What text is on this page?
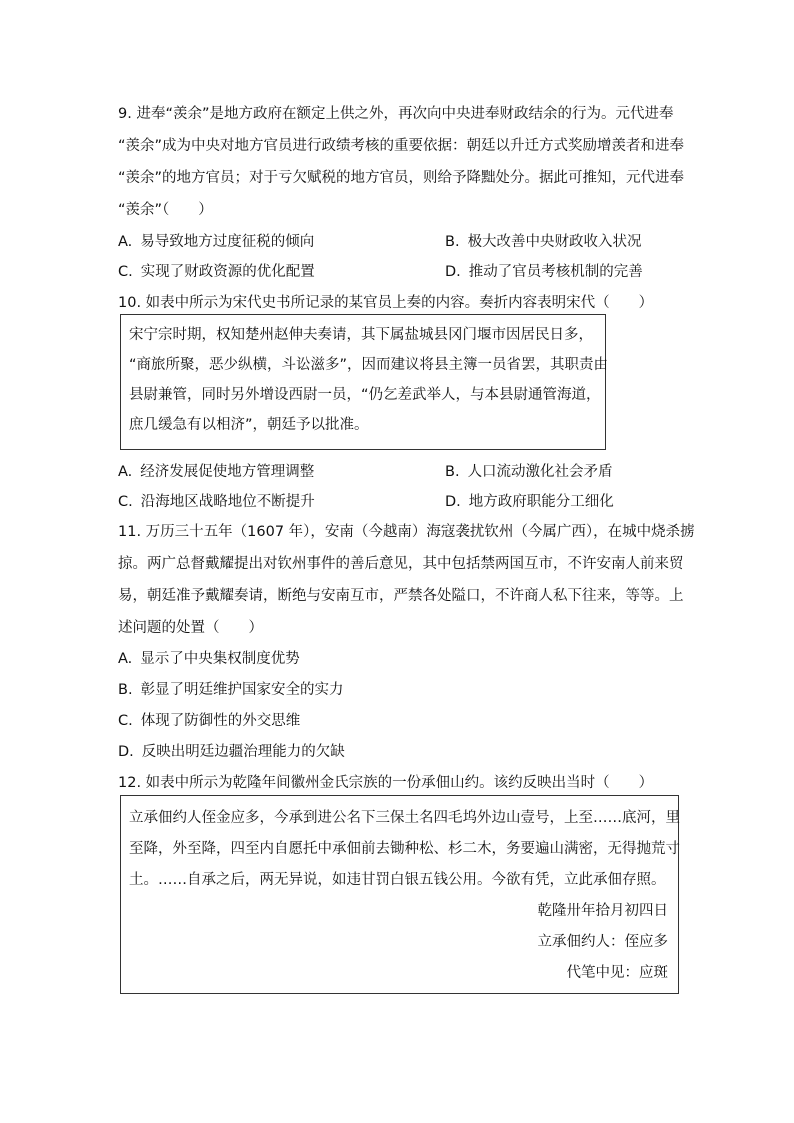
9. 进奉“羡余”是地方政府在额定上供之外，再次向中央进奉财政结余的行为。元代进奉
“羡余”成为中央对地方官员进行政绩考核的重要依据：朝廷以升迁方式奖励增羡者和进奉
“羡余”的地方官员；对于亏欠赋税的地方官员，则给予降黜处分。据此可推知，元代进奉
“羡余”（　　）
A. 易导致地方过度征税的倾向	B. 极大改善中央财政收入状况
C. 实现了财政资源的优化配置	D. 推动了官员考核机制的完善
10. 如表中所示为宋代史书所记录的某官员上奏的内容。奏折内容表明宋代（　　）
宋宁宗时期，权知楚州赵伸夫奏请，其下属盐城县冈门堰市因居民日多，
“商旅所聚，恶少纵横，斗讼滋多”，因而建议将县主簿一员省罢，其职责由
县尉兼管，同时另外增设西尉一员，“仍乞差武举人，与本县尉通管海道，
庶几缓急有以相济”，朝廷予以批准。
A. 经济发展促使地方管理调整	B. 人口流动激化社会矛盾
C. 沿海地区战略地位不断提升	D. 地方政府职能分工细化
11. 万历三十五年（1607 年），安南（今越南）海寇袭扰钦州（今属广西），在城中烧杀掳
掠。两广总督戴耀提出对钦州事件的善后意见，其中包括禁两国互市，不许安南人前来贸
易，朝廷准予戴耀奏请，断绝与安南互市，严禁各处隘口，不许商人私下往来，等等。上
述问题的处置（　　）
A. 显示了中央集权制度优势
B. 彰显了明廷维护国家安全的实力
C. 体现了防御性的外交思维
D. 反映出明廷边疆治理能力的欠缺
12. 如表中所示为乾隆年间徽州金氏宗族的一份承佃山约。该约反映出当时（　　）
立承佃约人侄金应多，今承到进公名下三保土名四毛坞外边山壹号，上至……底河，里
至降，外至降，四至内自愿托中承佃前去锄种松、杉二木，务要遍山满密，无得抛荒寸
土。……自承之后，两无异说，如违甘罚白银五钱公用。今欲有凭，立此承佃存照。
乾隆卅年拾月初四日
立承佃约人：侄应多
代笔中见：应斑
